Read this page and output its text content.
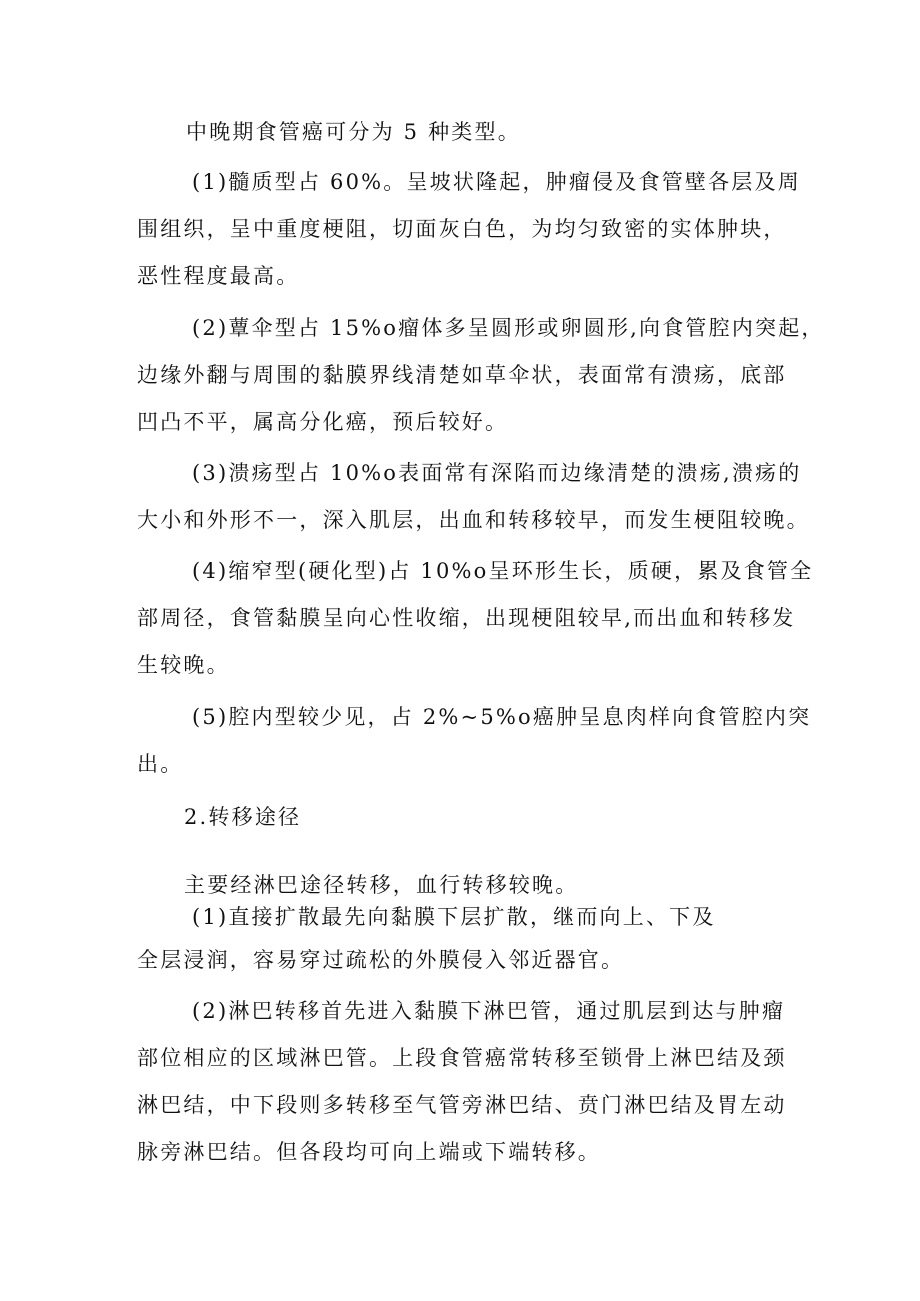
中晚期食管癌可分为 5 种类型。
(1)髓质型占 60%。呈坡状隆起，肿瘤侵及食管壁各层及周
围组织，呈中重度梗阻，切面灰白色，为均匀致密的实体肿块，
恶性程度最高。
(2)蕈伞型占 15%o瘤体多呈圆形或卵圆形,向食管腔内突起，
边缘外翻与周围的黏膜界线清楚如草伞状，表面常有溃疡，底部
凹凸不平，属高分化癌，预后较好。
(3)溃疡型占 10%o表面常有深陷而边缘清楚的溃疡,溃疡的
大小和外形不一，深入肌层，出血和转移较早，而发生梗阻较晚。
(4)缩窄型(硬化型)占 10%o呈环形生长，质硬，累及食管全
部周径，食管黏膜呈向心性收缩，出现梗阻较早,而出血和转移发
生较晚。
(5)腔内型较少见，占 2%~5%o癌肿呈息肉样向食管腔内突
出。
2.转移途径
主要经淋巴途径转移，血行转移较晚。
(1)直接扩散最先向黏膜下层扩散，继而向上、下及
全层浸润，容易穿过疏松的外膜侵入邻近器官。
(2)淋巴转移首先进入黏膜下淋巴管，通过肌层到达与肿瘤
部位相应的区域淋巴管。上段食管癌常转移至锁骨上淋巴结及颈
淋巴结，中下段则多转移至气管旁淋巴结、贲门淋巴结及胃左动
脉旁淋巴结。但各段均可向上端或下端转移。
